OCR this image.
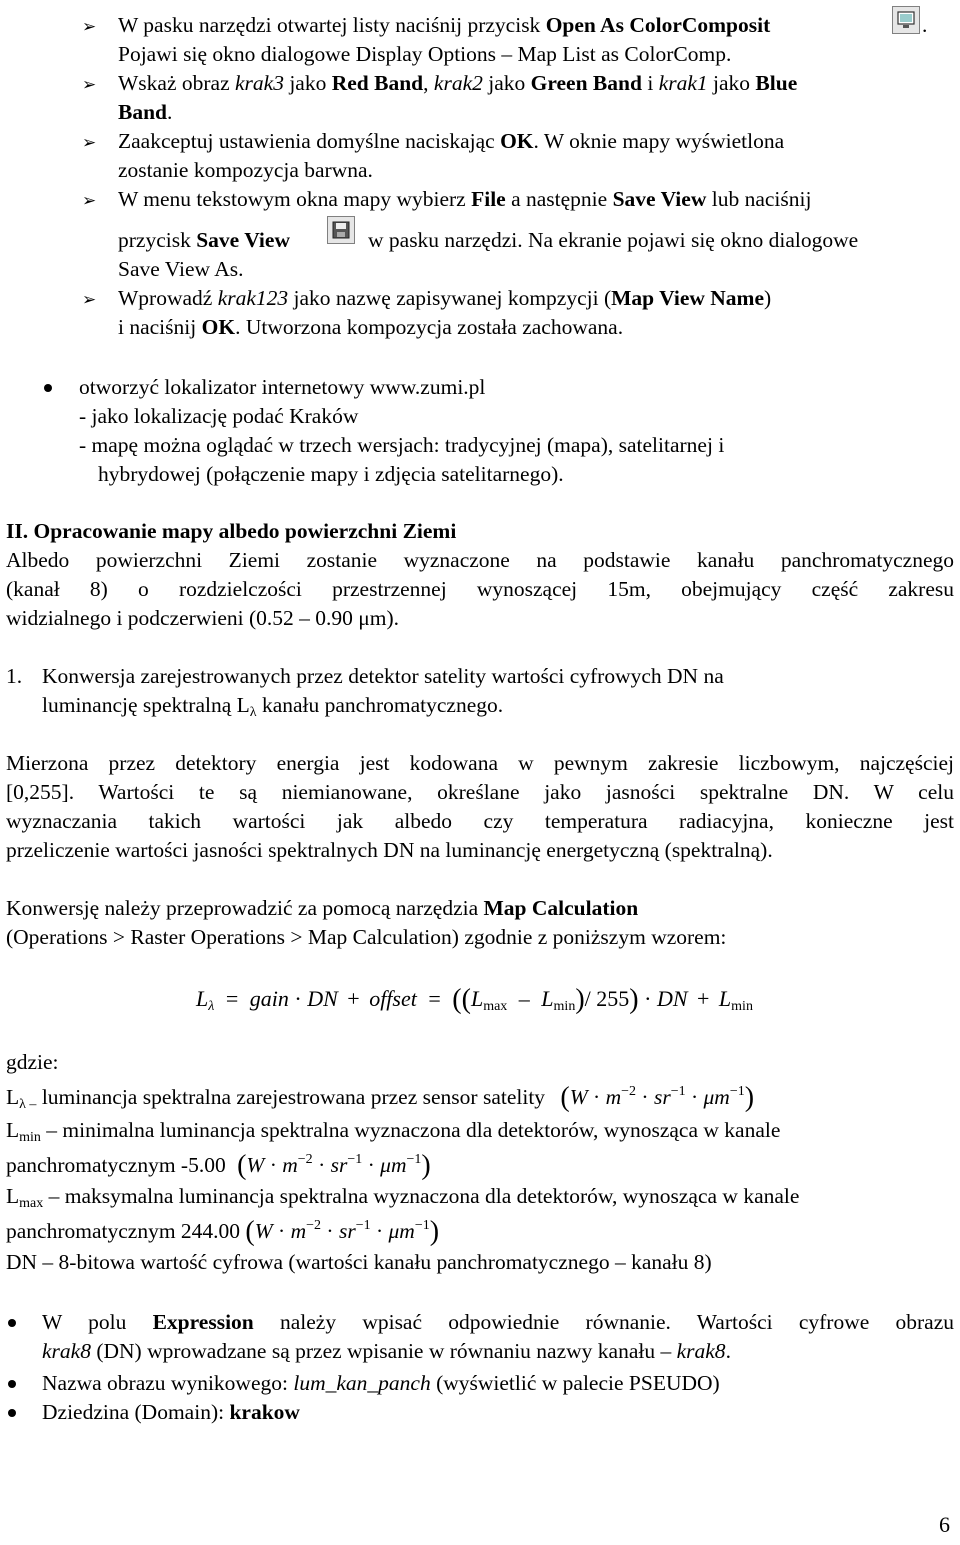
➢ W pasku narzędzi otwartej listy naciśnij przycisk Open As ColorComposit	.
Pojawi się okno dialogowe Display Options – Map List as ColorComp.
➢ Wskaż obraz krak3 jako Red Band, krak2 jako Green Band i krak1 jako Blue
Band.
➢ Zaakceptuj ustawienia domyślne naciskając OK. W oknie mapy wyświetlona
zostanie kompozycja barwna.
➢ W menu tekstowym okna mapy wybierz File a następnie Save View lub naciśnij
przycisk Save View	w pasku narzędzi. Na ekranie pojawi się okno dialogowe
Save View As.
➢ Wprowadź krak123 jako nazwę zapisywanej kompzycji (Map View Name)
i naciśnij OK. Utworzona kompozycja została zachowana.
otworzyć lokalizator internetowy www.zumi.pl
- jako lokalizację podać Kraków
- mapę można oglądać w trzech wersjach: tradycyjnej (mapa), satelitarnej i
hybrydowej (połączenie mapy i zdjęcia satelitarnego).
II. Opracowanie mapy albedo powierzchni Ziemi
Albedo powierzchni Ziemi zostanie wyznaczone na podstawie kanału panchromatycznego
(kanał 8) o rozdzielczości przestrzennej wynoszącej 15m, obejmujący część zakresu
widzialnego i podczerwieni (0.52 – 0.90 μm).
1. Konwersja zarejestrowanych przez detektor satelity wartości cyfrowych DN na
luminancję spektralną $L_\lambda$ kanału panchromatycznego.
Mierzona przez detektory energia jest kodowana w pewnym zakresie liczbowym, najczęściej
[0,255]. Wartości te są niemianowane, określane jako jasności spektralne DN. W celu
wyznaczania takich wartości jak albedo czy temperatura radiacyjna, konieczne jest
przeliczenie wartości jasności spektralnych DN na luminancję energetyczną (spektralną).
Konwersję należy przeprowadzić za pomocą narzędzia Map Calculation
(Operations > Raster Operations > Map Calculation) zgodnie z poniższym wzorem:
$L_\lambda$ = gain · DN + offset = ($(L_{max} - L_{min})/$ 255) · DN + $L_{min}$
gdzie:
$L_{\lambda -}$ luminancja spektralna zarejestrowana przez sensor satelity $(W \cdot m^{-2} \cdot sr^{-1} \cdot \mu m^{-1})$
$L_{min}$ – minimalna luminancja spektralna wyznaczona dla detektorów, wynosząca w kanale
panchromatycznym -5.00 $(W \cdot m^{-2} \cdot sr^{-1} \cdot \mu m^{-1})$
$L_{max}$ – maksymalna luminancja spektralna wyznaczona dla detektorów, wynosząca w kanale
panchromatycznym 244.00 $(W \cdot m^{-2} \cdot sr^{-1} \cdot \mu m^{-1})$
DN – 8-bitowa wartość cyfrowa (wartości kanału panchromatycznego – kanału 8)
W polu Expression należy wpisać odpowiednie równanie. Wartości cyfrowe obrazu
krak8 (DN) wprowadzane są przez wpisanie w równaniu nazwy kanału – krak8.
Nazwa obrazu wynikowego: lum_kan_panch (wyświetlić w palecie PSEUDO)
Dziedzina (Domain): krakow
6
